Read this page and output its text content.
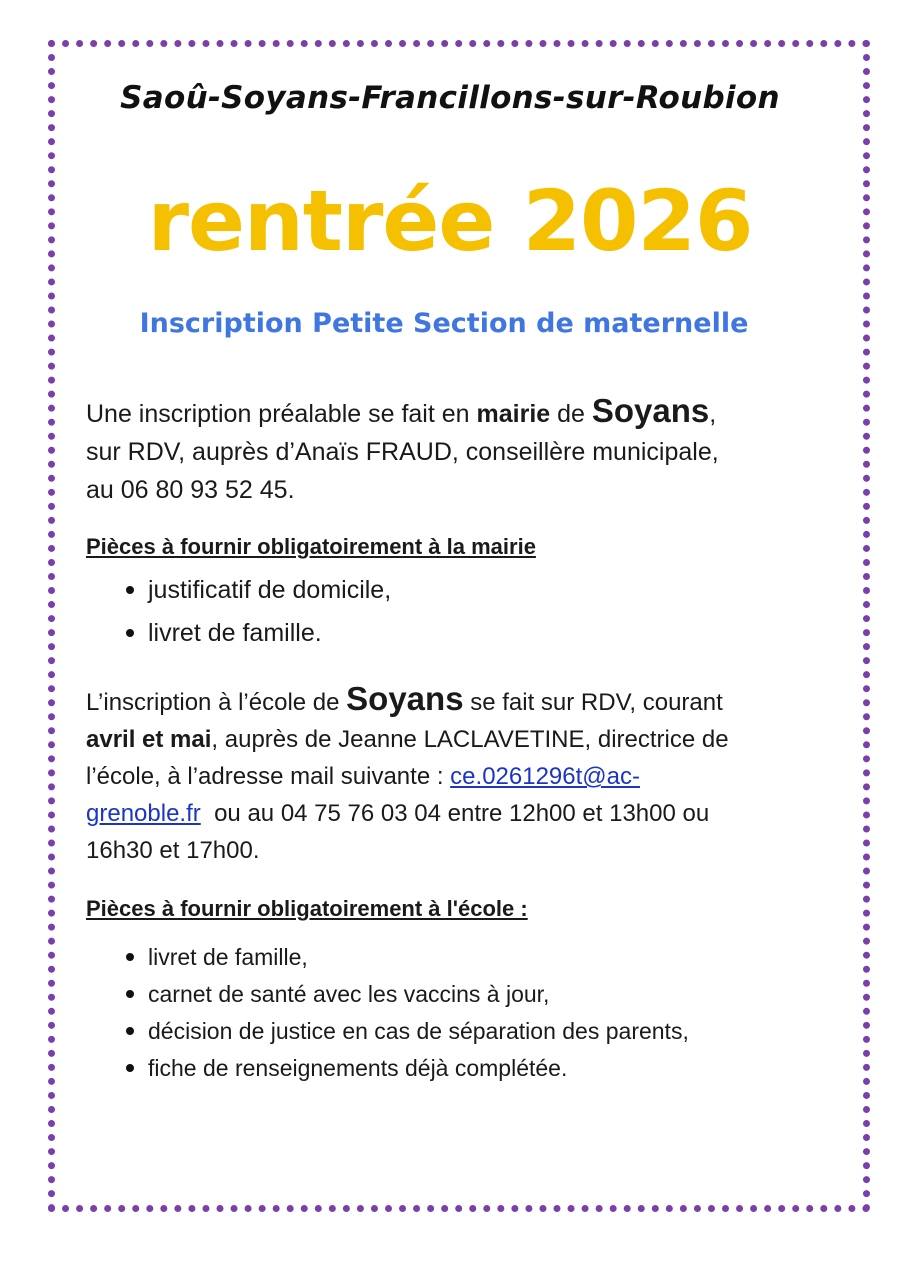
Saoû-Soyans-Francillons-sur-Roubion
rentrée 2026
Inscription Petite Section de maternelle

Une inscription préalable se fait en mairie de Soyans,
sur RDV, auprès d’Anaïs FRAUD, conseillère municipale,
au 06 80 93 52 45.

Pièces à fournir obligatoirement à la mairie

justificatif de domicile,
livret de famille.

L’inscription à l’école de Soyans se fait sur RDV, courant
avril et mai, auprès de Jeanne LACLAVETINE, directrice de
l’école, à l’adresse mail suivante : ce.0261296t@ac-
grenoble.fr  ou au 04 75 76 03 04 entre 12h00 et 13h00 ou
16h30 et 17h00.

Pièces à fournir obligatoirement à l'école :

livret de famille,
carnet de santé avec les vaccins à jour,
décision de justice en cas de séparation des parents,
fiche de renseignements déjà complétée.
